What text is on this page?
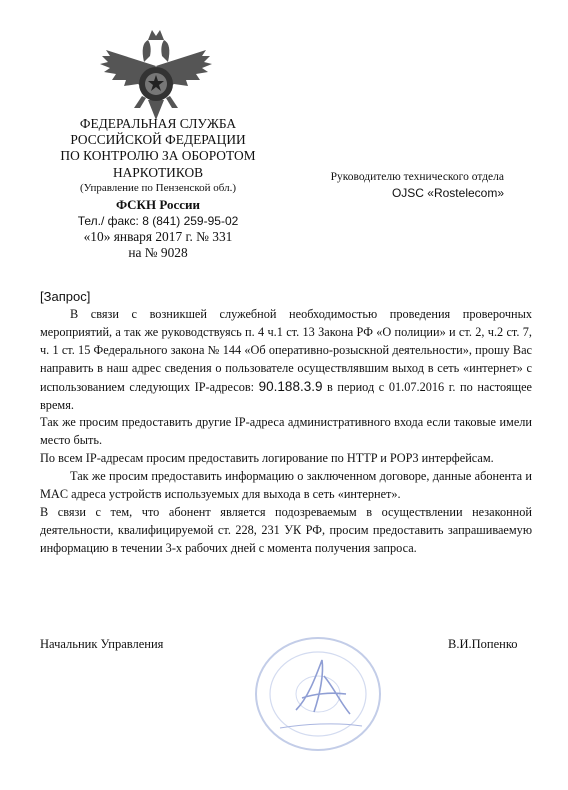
ФЕДЕРАЛЬНАЯ СЛУЖБА
РОССИЙСКОЙ ФЕДЕРАЦИИ
ПО КОНТРОЛЮ ЗА ОБОРОТОМ
НАРКОТИКОВ
(Управление по Пензенской обл.)
ФСКН России
Тел./ факс: 8 (841) 259-95-02
«10» января 2017 г. № 331
на № 9028
Руководителю технического отдела
OJSC «Rostelecom»
[Запрос]

В связи с возникшей служебной необходимостью проведения проверочных мероприятий, а так же руководствуясь п. 4 ч.1 ст. 13 Закона РФ «О полиции» и ст. 2, ч.2 ст. 7, ч. 1 ст. 15 Федерального закона № 144 «Об оперативно-розыскной деятельности», прошу Вас направить в наш адрес сведения о пользователе осуществлявшим выход в сеть «интернет» с использованием следующих IP-адресов: 90.188.3.9 в период с 01.07.2016 г. по настоящее время.

Так же просим предоставить другие IP-адреса административного входа если таковые имели место быть.

По всем IP-адресам просим предоставить логирование по HTTP и POP3 интерфейсам.

Так же просим предоставить информацию о заключенном договоре, данные абонента и MAC адреса устройств используемых для выхода в сеть «интернет».

В связи с тем, что абонент является подозреваемым в осуществлении незаконной деятельности, квалифицируемой ст. 228, 231 УК РФ, просим предоставить запрашиваемую информацию в течении 3-х рабочих дней с момента получения запроса.

Начальник Управления	В.И.Попенко
